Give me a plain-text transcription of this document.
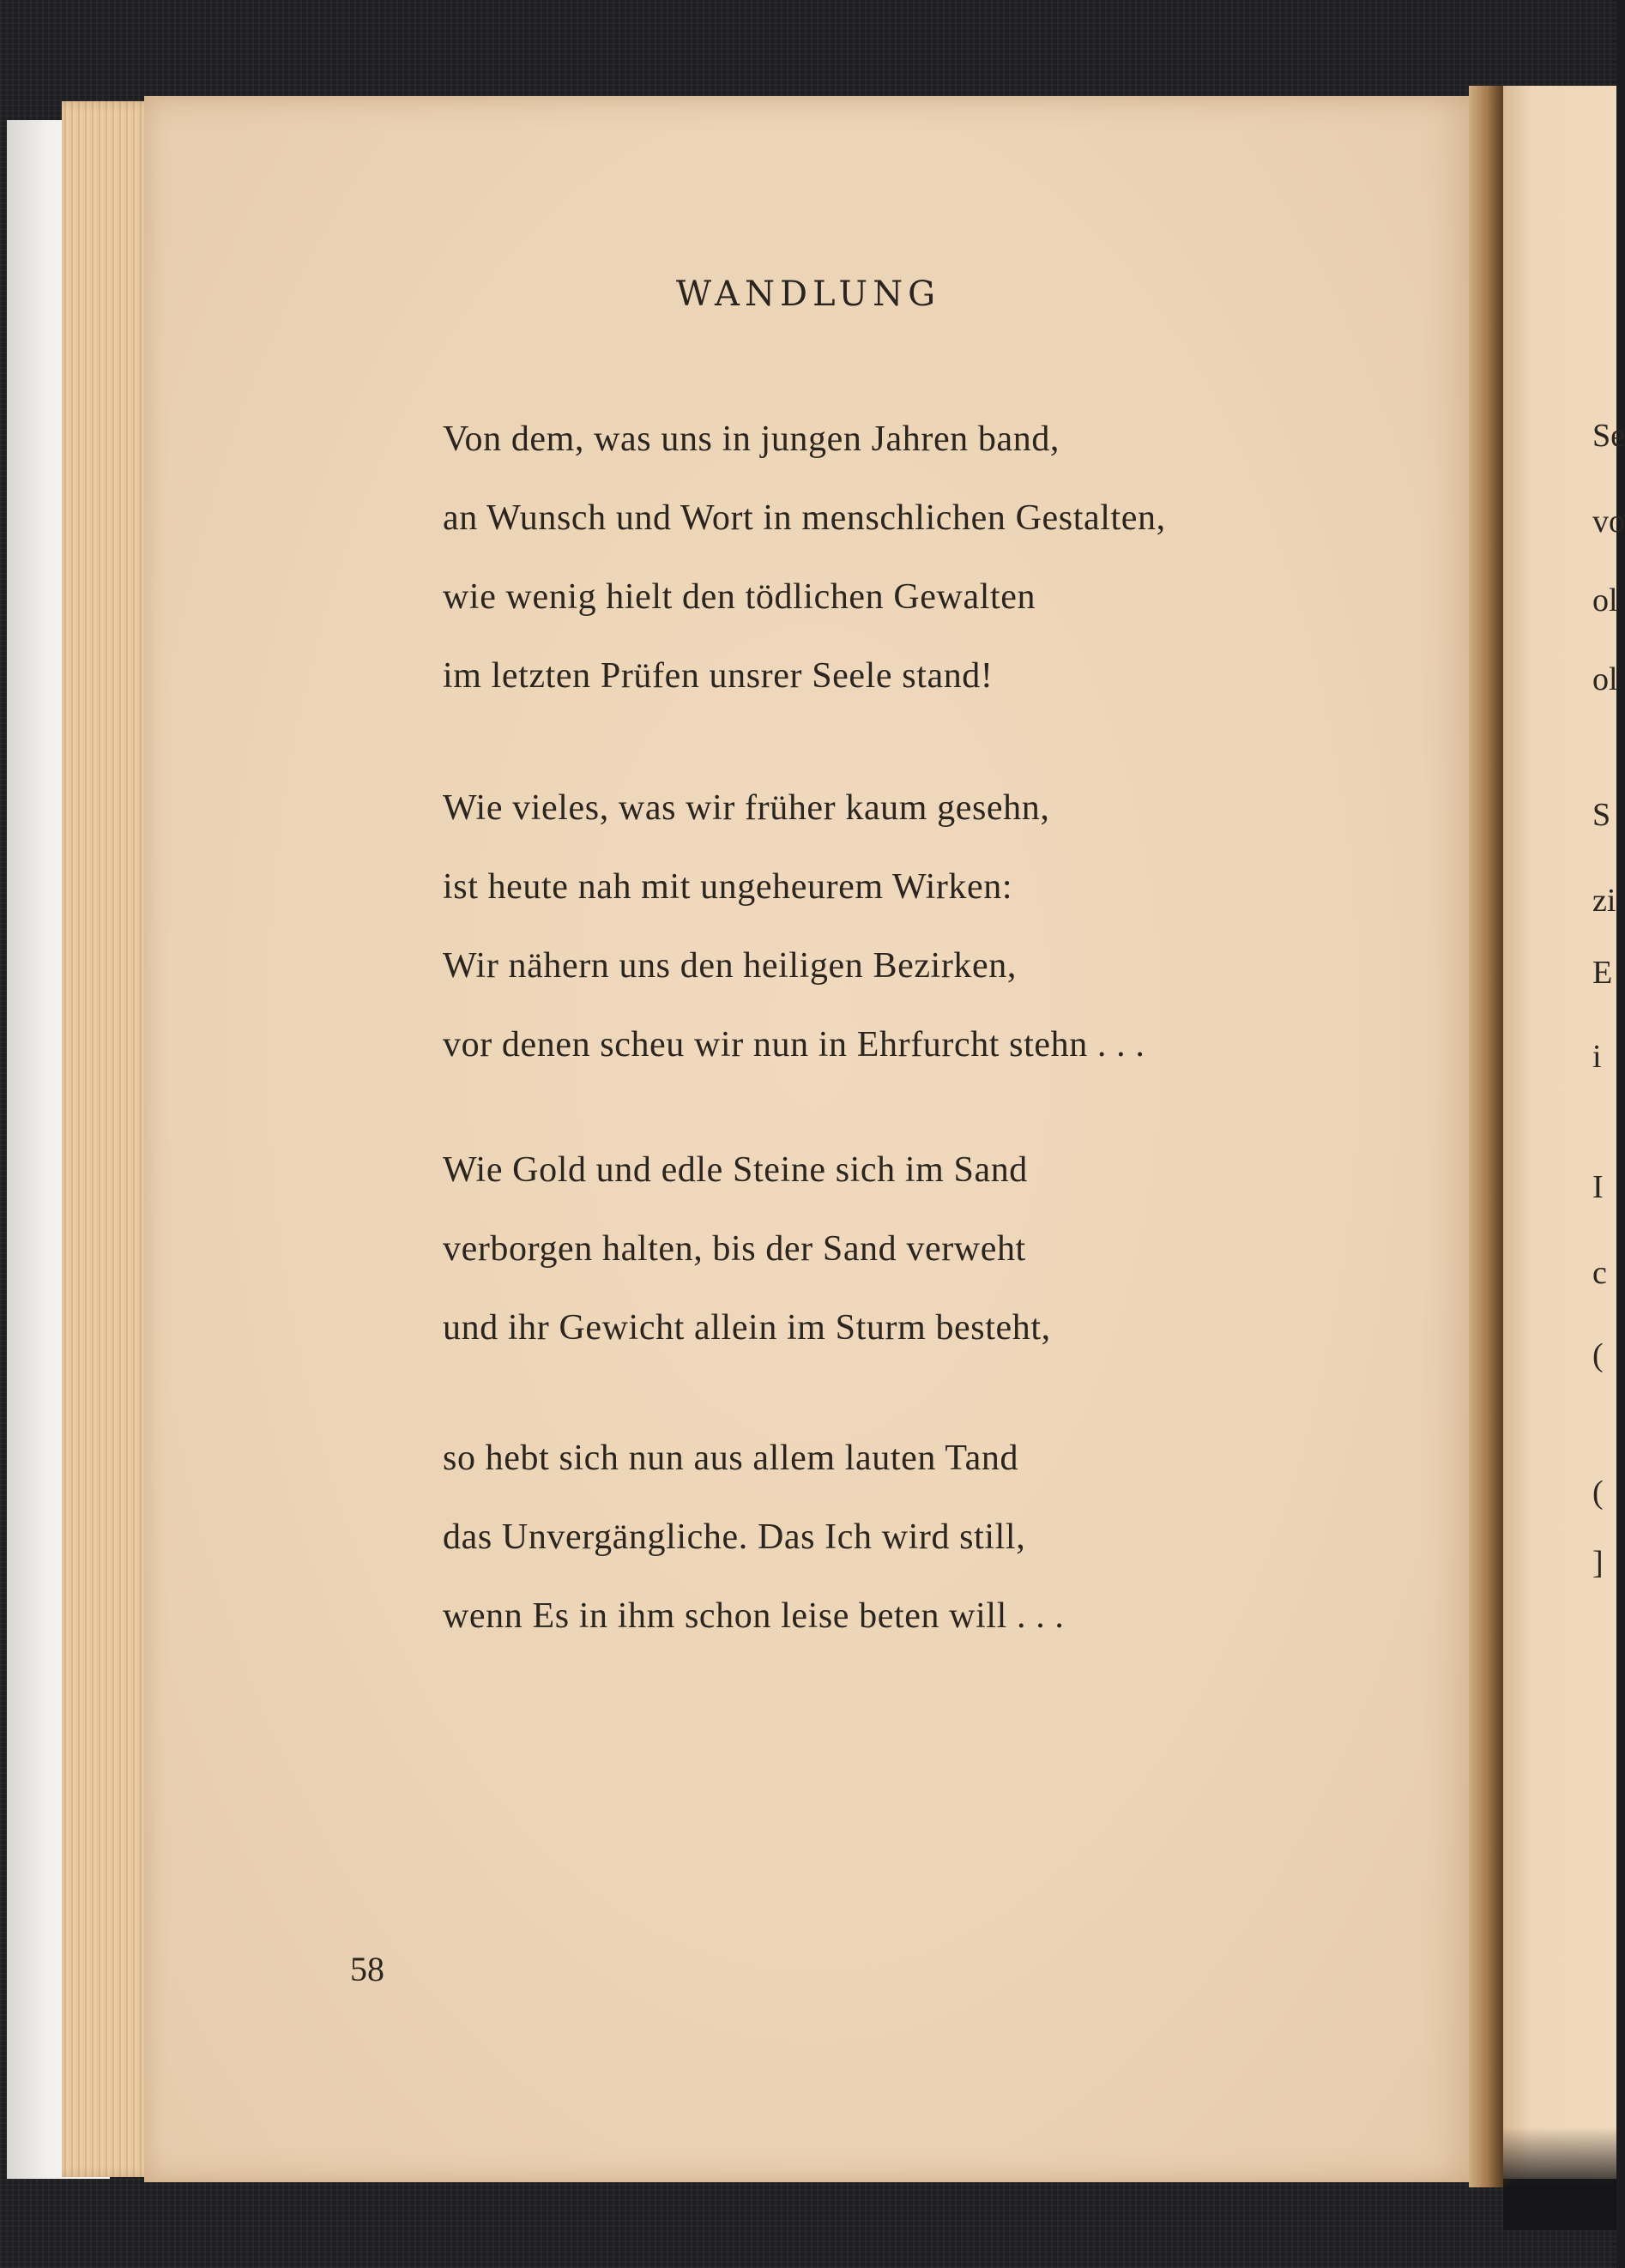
WANDLUNG
Von dem, was uns in jungen Jahren band,
an Wunsch und Wort in menschlichen Gestalten,
wie wenig hielt den tödlichen Gewalten
im letzten Prüfen unsrer Seele stand!
Wie vieles, was wir früher kaum gesehn,
ist heute nah mit ungeheurem Wirken:
Wir nähern uns den heiligen Bezirken,
vor denen scheu wir nun in Ehrfurcht stehn . . .
Wie Gold und edle Steine sich im Sand
verborgen halten, bis der Sand verweht
und ihr Gewicht allein im Sturm besteht,
so hebt sich nun aus allem lauten Tand
das Unvergängliche. Das Ich wird still,
wenn Es in ihm schon leise beten will . . .
58
Se
vo
ol
ol
S
zi
E
i
I
c
(
(
]
